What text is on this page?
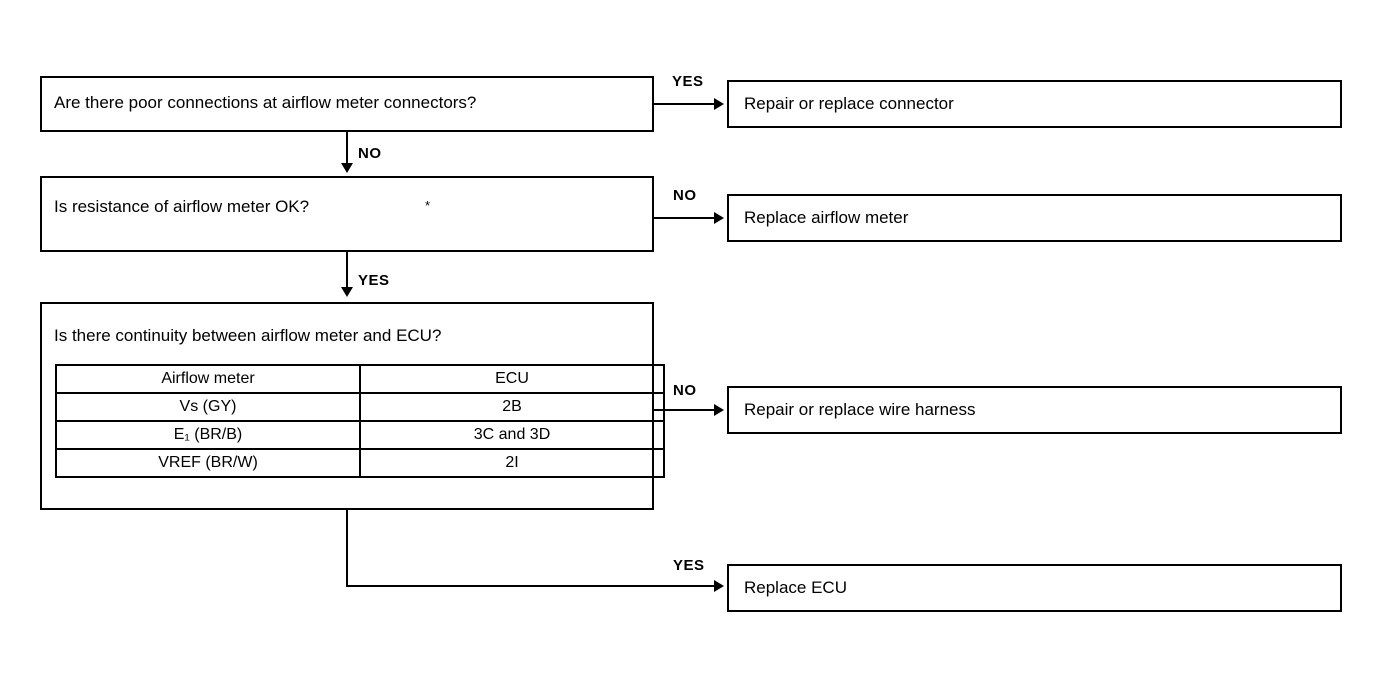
Are there poor connections at airflow meter connectors?
YES
Repair or replace connector
NO
Is resistance of airflow meter OK?	*
NO
Replace airflow meter
YES
Is there continuity between airflow meter and ECU?
Airflow meter	ECU
Vs (GY)	2B
E₁ (BR/B)	3C and 3D
VREF (BR/W)	2I
NO
Repair or replace wire harness
YES
Replace ECU
